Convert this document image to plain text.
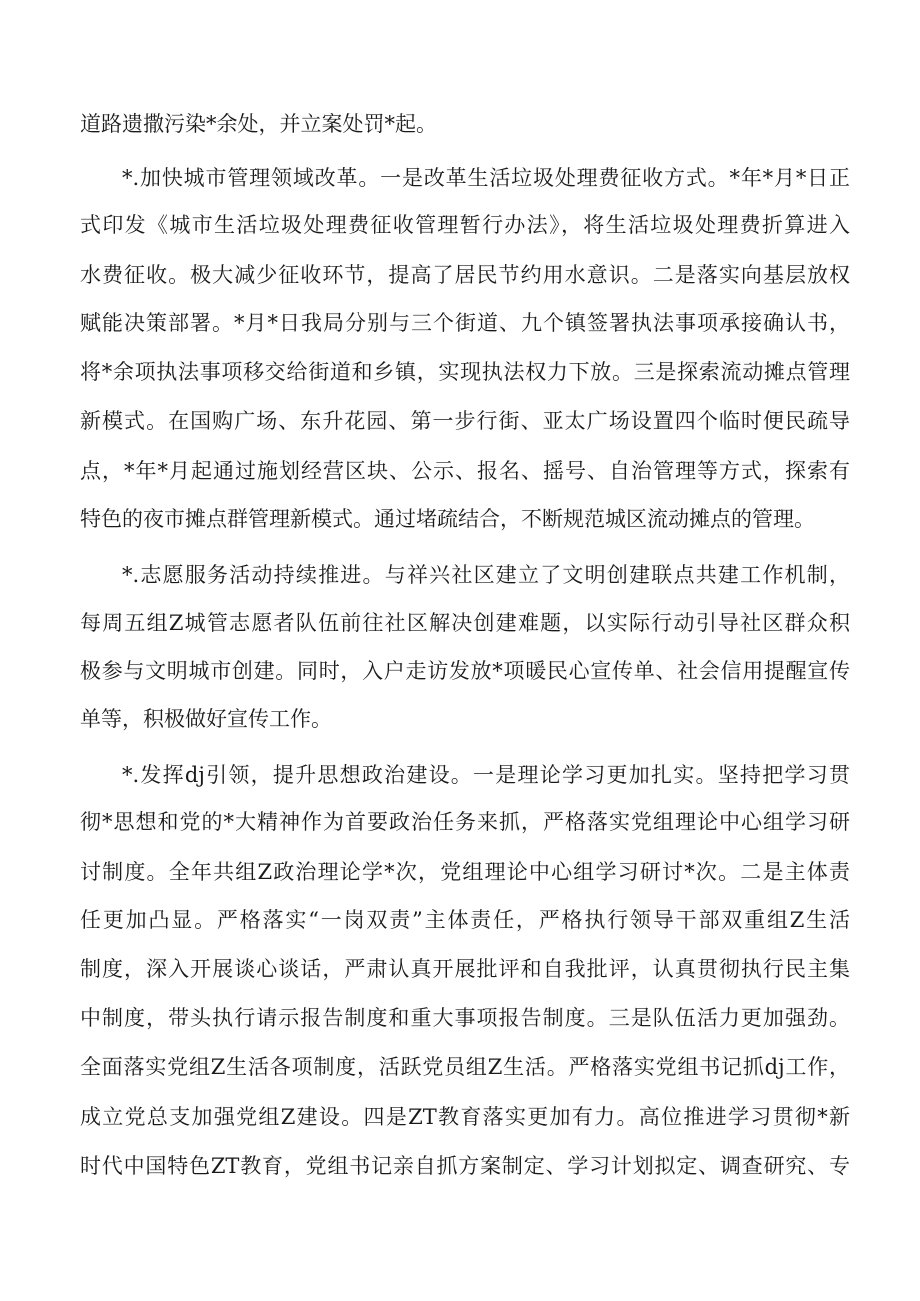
道路遗撒污染*余处，并立案处罚*起。
*.加快城市管理领域改革。一是改革生活垃圾处理费征收方式。*年*月*日正
式印发《城市生活垃圾处理费征收管理暂行办法》，将生活垃圾处理费折算进入
水费征收。极大减少征收环节，提高了居民节约用水意识。二是落实向基层放权
赋能决策部署。*月*日我局分别与三个街道、九个镇签署执法事项承接确认书，
将*余项执法事项移交给街道和乡镇，实现执法权力下放。三是探索流动摊点管理
新模式。在国购广场、东升花园、第一步行街、亚太广场设置四个临时便民疏导
点，*年*月起通过施划经营区块、公示、报名、摇号、自治管理等方式，探索有
特色的夜市摊点群管理新模式。通过堵疏结合，不断规范城区流动摊点的管理。
*.志愿服务活动持续推进。与祥兴社区建立了文明创建联点共建工作机制，
每周五组Z城管志愿者队伍前往社区解决创建难题，以实际行动引导社区群众积
极参与文明城市创建。同时，入户走访发放*项暖民心宣传单、社会信用提醒宣传
单等，积极做好宣传工作。
*.发挥dj引领，提升思想政治建设。一是理论学习更加扎实。坚持把学习贯
彻*思想和党的*大精神作为首要政治任务来抓，严格落实党组理论中心组学习研
讨制度。全年共组Z政治理论学*次，党组理论中心组学习研讨*次。二是主体责
任更加凸显。严格落实“一岗双责”主体责任，严格执行领导干部双重组Z生活
制度，深入开展谈心谈话，严肃认真开展批评和自我批评，认真贯彻执行民主集
中制度，带头执行请示报告制度和重大事项报告制度。三是队伍活力更加强劲。
全面落实党组Z生活各项制度，活跃党员组Z生活。严格落实党组书记抓dj工作，
成立党总支加强党组Z建设。四是ZT教育落实更加有力。高位推进学习贯彻*新
时代中国特色ZT教育，党组书记亲自抓方案制定、学习计划拟定、调查研究、专
